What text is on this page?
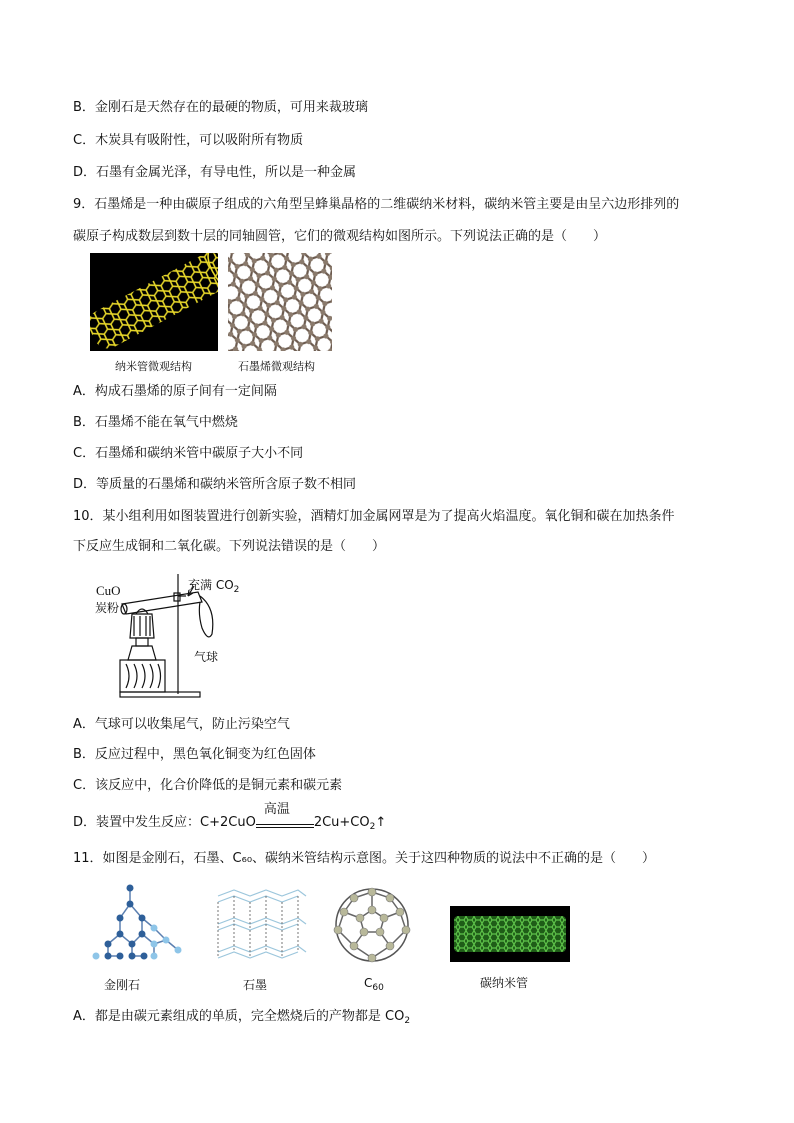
B．金刚石是天然存在的最硬的物质，可用来裁玻璃
C．木炭具有吸附性，可以吸附所有物质
D．石墨有金属光泽，有导电性，所以是一种金属
9．石墨烯是一种由碳原子组成的六角型呈蜂巢晶格的二维碳纳米材料，碳纳米管主要是由呈六边形排列的
碳原子构成数层到数十层的同轴圆管，它们的微观结构如图所示。下列说法正确的是（　　）
纳米管微观结构	石墨烯微观结构
A．构成石墨烯的原子间有一定间隔
B．石墨烯不能在氧气中燃烧
C．石墨烯和碳纳米管中碳原子大小不同
D．等质量的石墨烯和碳纳米管所含原子数不相同
10．某小组利用如图装置进行创新实验，酒精灯加金属网罩是为了提高火焰温度。氧化铜和碳在加热条件
下反应生成铜和二氧化碳。下列说法错误的是（　　）
CuO
炭粉
充满 $CO_2$
气球
A．气球可以收集尾气，防止污染空气
B．反应过程中，黑色氧化铜变为红色固体
C．该反应中，化合价降低的是铜元素和碳元素
D．装置中发生反应：C+2CuO
高温
$2Cu+CO_2↑$
11．如图是金刚石，石墨、C₆₀、碳纳米管结构示意图。关于这四种物质的说法中不正确的是（　　）
金刚石	石墨	$C_{60}$	碳纳米管
A．都是由碳元素组成的单质，完全燃烧后的产物都是 $CO_2$
